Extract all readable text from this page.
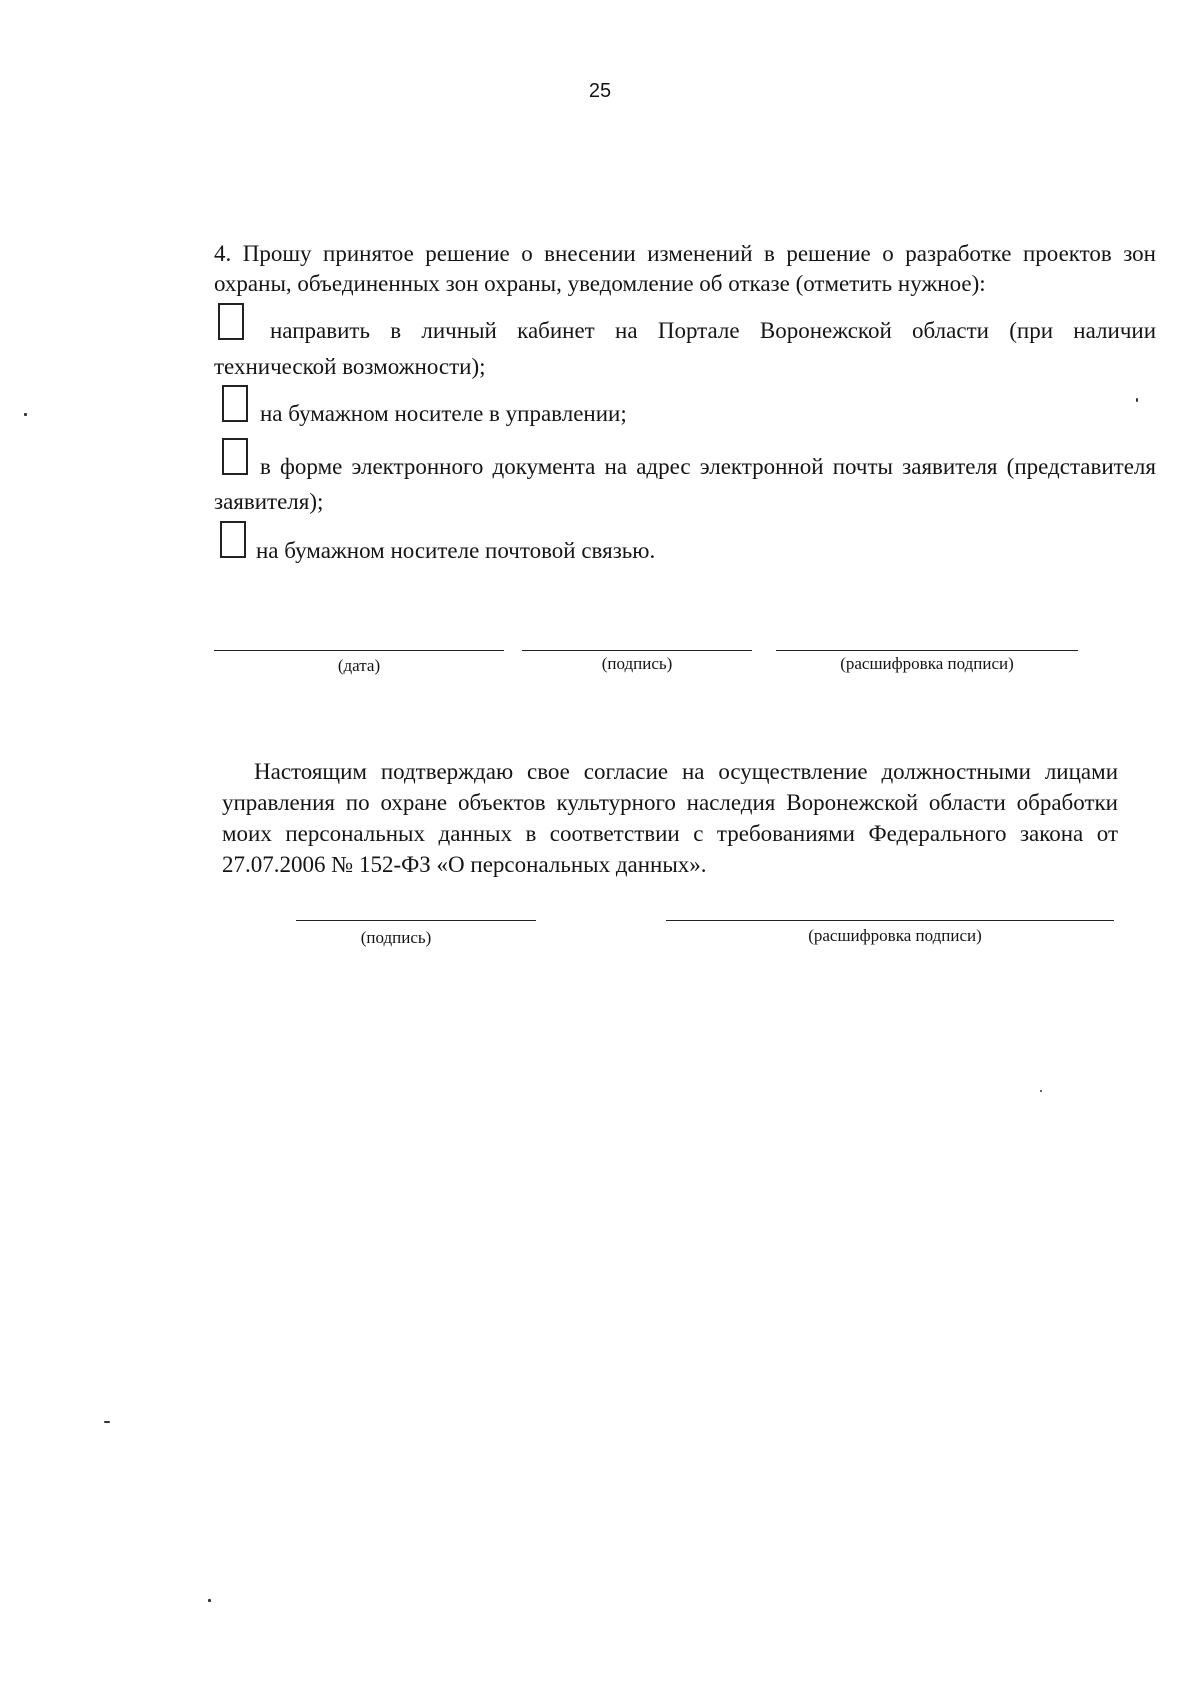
25
4. Прошу принятое решение о внесении изменений в решение о разработке проектов зон
охраны, объединенных зон охраны, уведомление об отказе (отметить нужное):
направить в личный кабинет на Портале Воронежской области (при наличии
технической возможности);
на бумажном носителе в управлении;
в форме электронного документа на адрес электронной почты заявителя (представителя
заявителя);
на бумажном носителе почтовой связью.
(дата)	(подпись)	(расшифровка подписи)
Настоящим подтверждаю свое согласие на осуществление должностными лицами
управления по охране объектов культурного наследия Воронежской области обработки
моих персональных данных в соответствии с требованиями Федерального закона от
27.07.2006 № 152-ФЗ «О персональных данных».
(подпись)	(расшифровка подписи)
